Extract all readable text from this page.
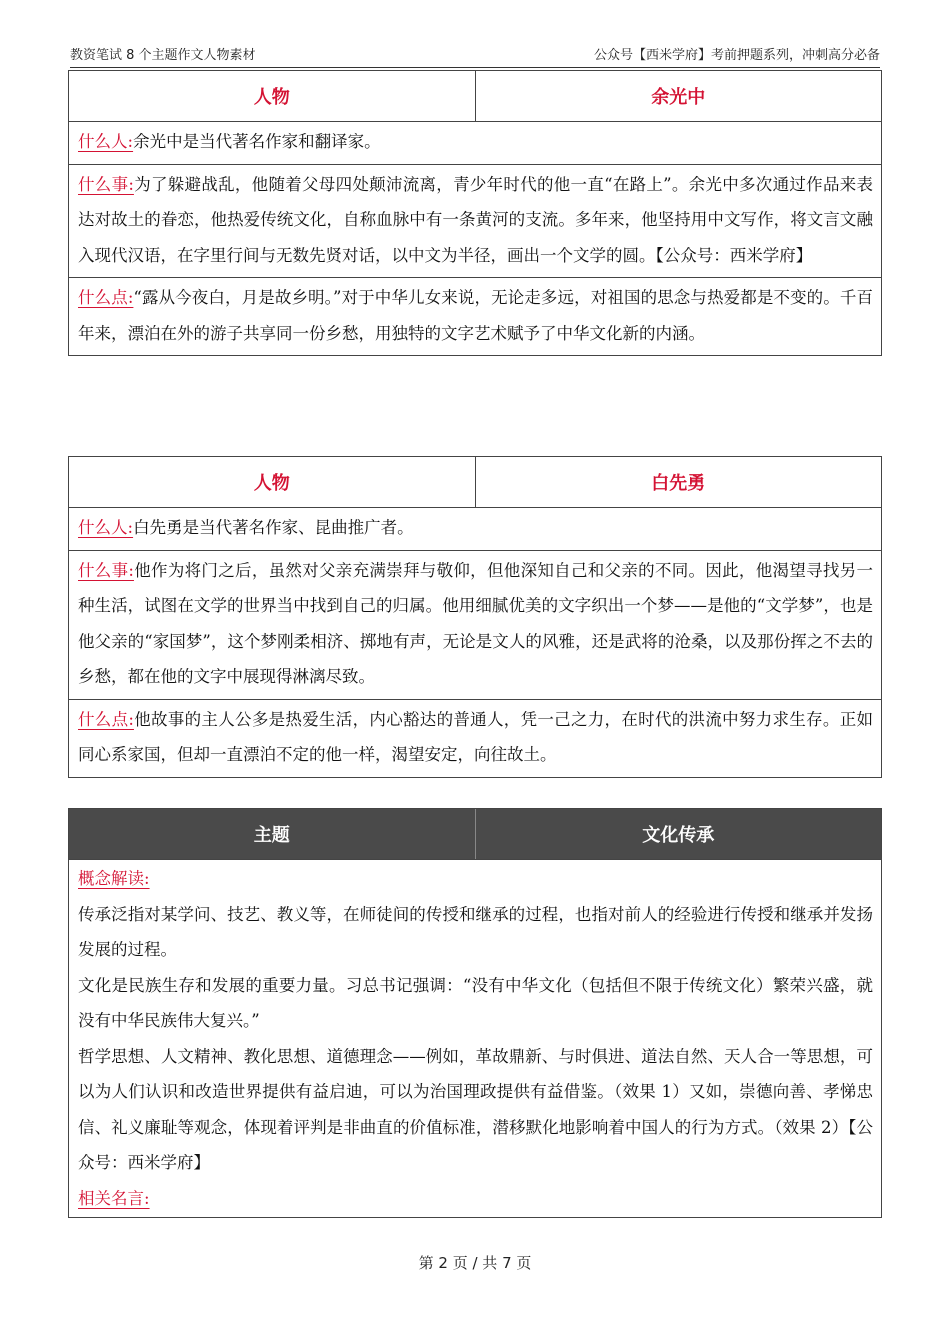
教资笔试 8 个主题作文人物素材	公众号【西米学府】考前押题系列，冲刺高分必备
人物	余光中
什么人:余光中是当代著名作家和翻译家。
什么事:为了躲避战乱，他随着父母四处颠沛流离，青少年时代的他一直“在路上”。余光中多次通过作品来表达对故土的眷恋，他热爱传统文化，自称血脉中有一条黄河的支流。多年来，他坚持用中文写作，将文言文融入现代汉语，在字里行间与无数先贤对话，以中文为半径，画出一个文学的圆。【公众号：西米学府】
什么点:“露从今夜白，月是故乡明。”对于中华儿女来说，无论走多远，对祖国的思念与热爱都是不变的。千百年来，漂泊在外的游子共享同一份乡愁，用独特的文字艺术赋予了中华文化新的内涵。
人物	白先勇
什么人:白先勇是当代著名作家、昆曲推广者。
什么事:他作为将门之后，虽然对父亲充满崇拜与敬仰，但他深知自己和父亲的不同。因此，他渴望寻找另一种生活，试图在文学的世界当中找到自己的归属。他用细腻优美的文字织出一个梦——是他的“文学梦”，也是他父亲的“家国梦”，这个梦刚柔相济、掷地有声，无论是文人的风雅，还是武将的沧桑，以及那份挥之不去的乡愁，都在他的文字中展现得淋漓尽致。
什么点:他故事的主人公多是热爱生活，内心豁达的普通人，凭一己之力，在时代的洪流中努力求生存。正如同心系家国，但却一直漂泊不定的他一样，渴望安定，向往故土。
主题	文化传承
概念解读:
传承泛指对某学问、技艺、教义等，在师徒间的传授和继承的过程，也指对前人的经验进行传授和继承并发扬发展的过程。
文化是民族生存和发展的重要力量。习总书记强调：“没有中华文化（包括但不限于传统文化）繁荣兴盛，就没有中华民族伟大复兴。”
哲学思想、人文精神、教化思想、道德理念——例如，革故鼎新、与时俱进、道法自然、天人合一等思想，可以为人们认识和改造世界提供有益启迪，可以为治国理政提供有益借鉴。（效果 1）又如，崇德向善、孝悌忠信、礼义廉耻等观念，体现着评判是非曲直的价值标准，潜移默化地影响着中国人的行为方式。（效果 2）【公众号：西米学府】
相关名言:
第 2 页 / 共 7 页
